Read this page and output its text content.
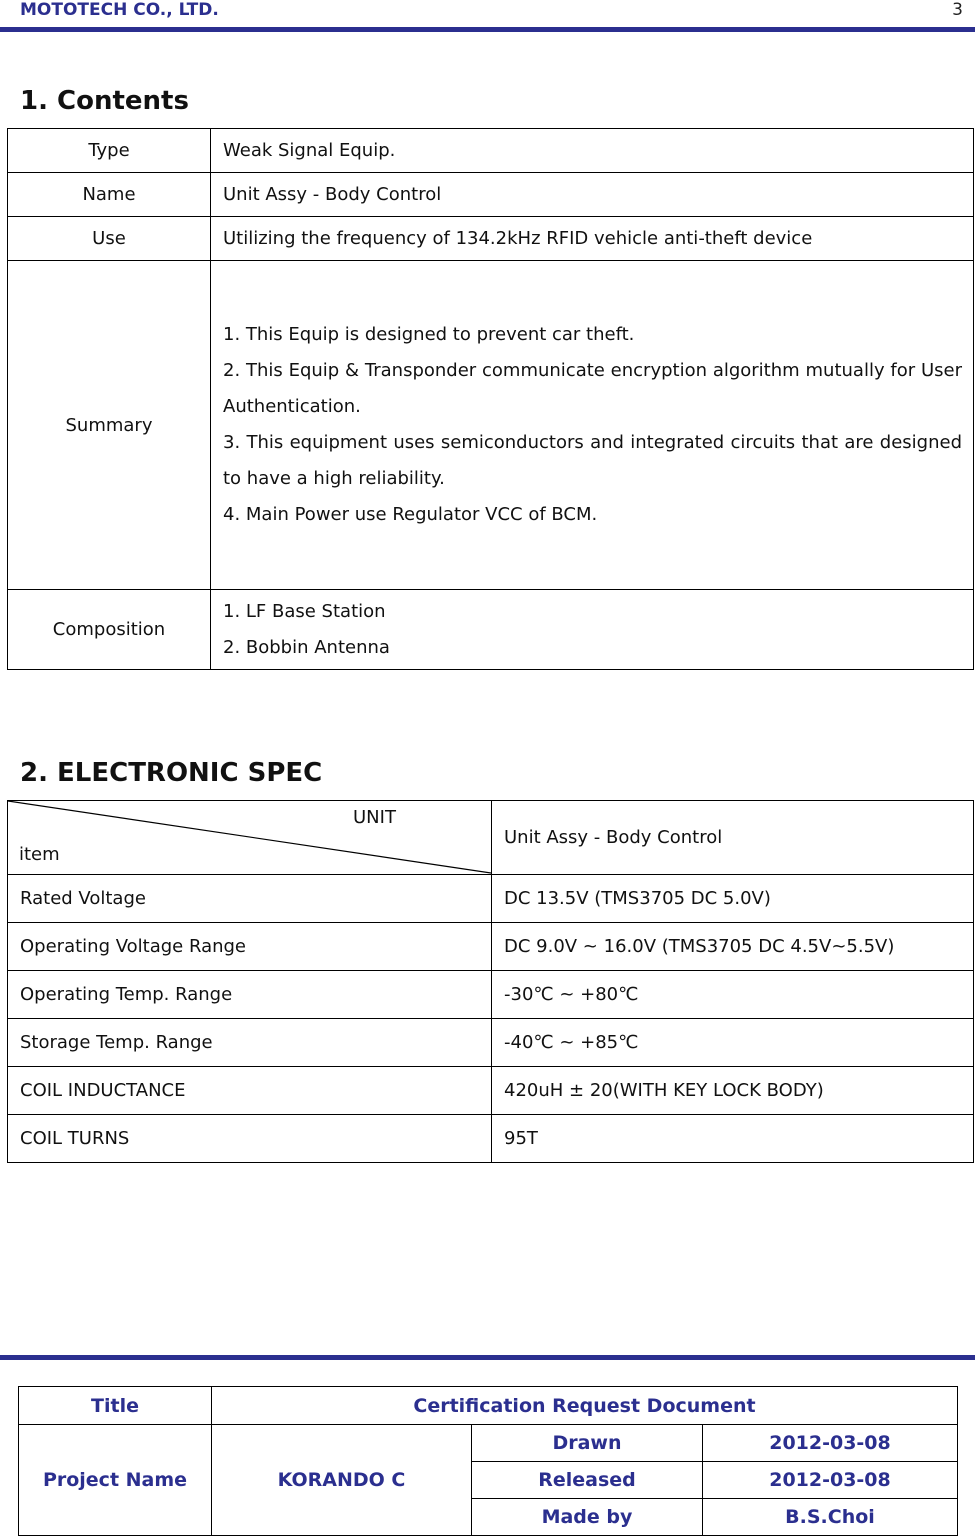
MOTOTECH CO., LTD.	3
1. Contents
Type	Weak Signal Equip.
Name	Unit Assy - Body Control
Use	Utilizing the frequency of 134.2kHz RFID vehicle anti-theft device
Summary	1. This Equip is designed to prevent car theft.
2. This Equip & Transponder communicate encryption algorithm mutually for User Authentication.
3. This equipment uses semiconductors and integrated circuits that are designed to have a high reliability.
4. Main Power use Regulator VCC of BCM.

Composition	1. LF Base Station
2. Bobbin Antenna
2. ELECTRONIC SPEC
UNIT
item	Unit Assy - Body Control
Rated Voltage	DC 13.5V (TMS3705 DC 5.0V)
Operating Voltage Range	DC 9.0V ~ 16.0V (TMS3705 DC 4.5V~5.5V)
Operating Temp. Range	-30℃ ~ +80℃
Storage Temp. Range	-40℃ ~ +85℃
COIL INDUCTANCE	420uH ± 20(WITH KEY LOCK BODY)
COIL TURNS	95T
Title	Certification Request Document		
Project Name	KORANDO C	Drawn	2012-03-08
		Released	2012-03-08
		Made by	B.S.Choi
